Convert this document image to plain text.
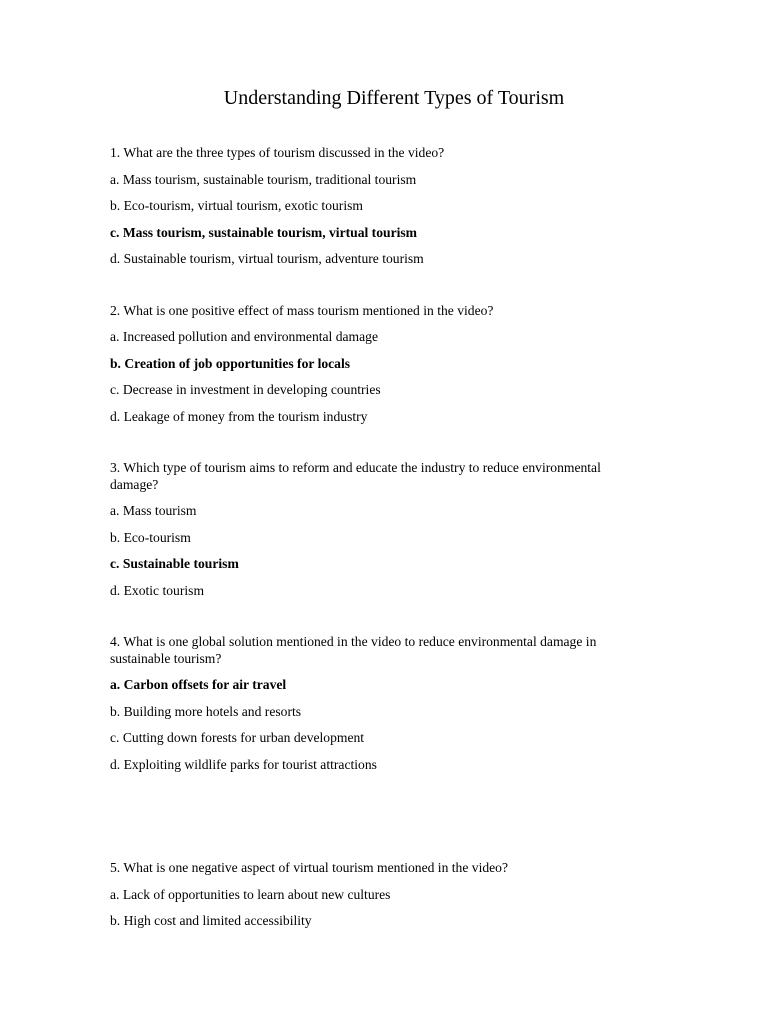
Understanding Different Types of Tourism

1. What are the three types of tourism discussed in the video?

a. Mass tourism, sustainable tourism, traditional tourism

b. Eco-tourism, virtual tourism, exotic tourism

c. Mass tourism, sustainable tourism, virtual tourism

d. Sustainable tourism, virtual tourism, adventure tourism

2. What is one positive effect of mass tourism mentioned in the video?

a. Increased pollution and environmental damage

b. Creation of job opportunities for locals

c. Decrease in investment in developing countries

d. Leakage of money from the tourism industry

3. Which type of tourism aims to reform and educate the industry to reduce environmental damage?

a. Mass tourism

b. Eco-tourism

c. Sustainable tourism

d. Exotic tourism

4. What is one global solution mentioned in the video to reduce environmental damage in sustainable tourism?

a. Carbon offsets for air travel

b. Building more hotels and resorts

c. Cutting down forests for urban development

d. Exploiting wildlife parks for tourist attractions

5. What is one negative aspect of virtual tourism mentioned in the video?

a. Lack of opportunities to learn about new cultures

b. High cost and limited accessibility
